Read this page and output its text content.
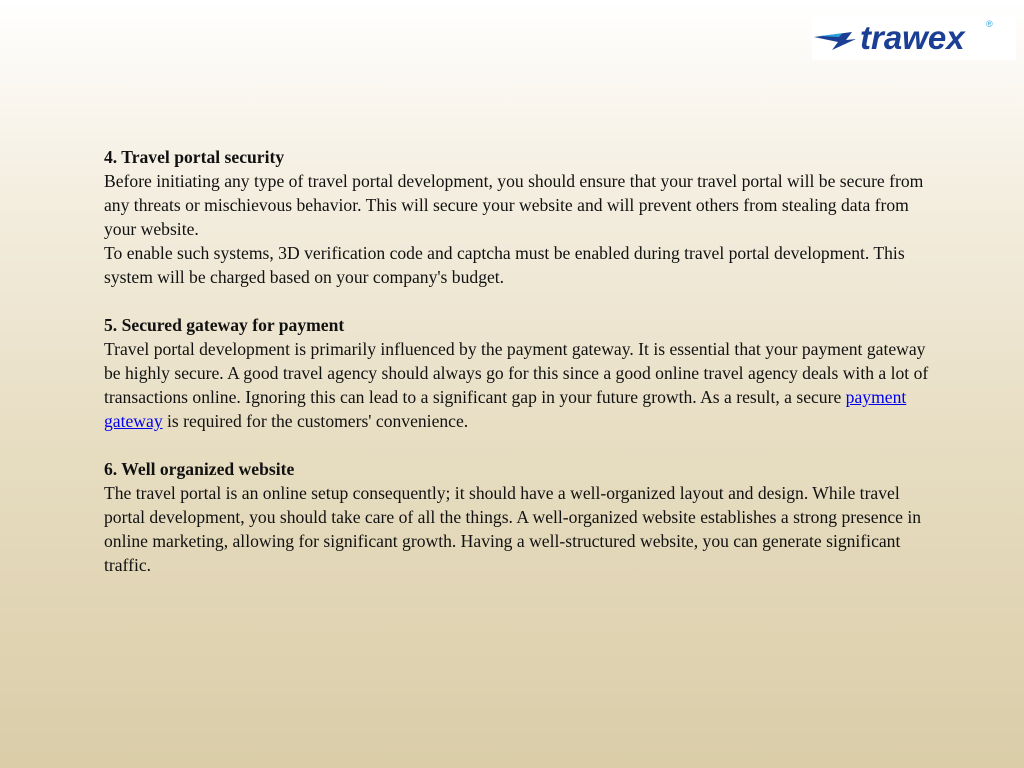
trawex ®
4. Travel portal security
Before initiating any type of travel portal development, you should ensure that your travel portal will be secure from any threats or mischievous behavior. This will secure your website and will prevent others from stealing data from your website.
To enable such systems, 3D verification code and captcha must be enabled during travel portal development. This system will be charged based on your company's budget.
5. Secured gateway for payment
Travel portal development is primarily influenced by the payment gateway. It is essential that your payment gateway be highly secure. A good travel agency should always go for this since a good online travel agency deals with a lot of transactions online. Ignoring this can lead to a significant gap in your future growth. As a result, a secure payment gateway is required for the customers' convenience.
6. Well organized website
The travel portal is an online setup consequently; it should have a well-organized layout and design. While travel portal development, you should take care of all the things. A well-organized website establishes a strong presence in online marketing, allowing for significant growth. Having a well-structured website, you can generate significant traffic.
